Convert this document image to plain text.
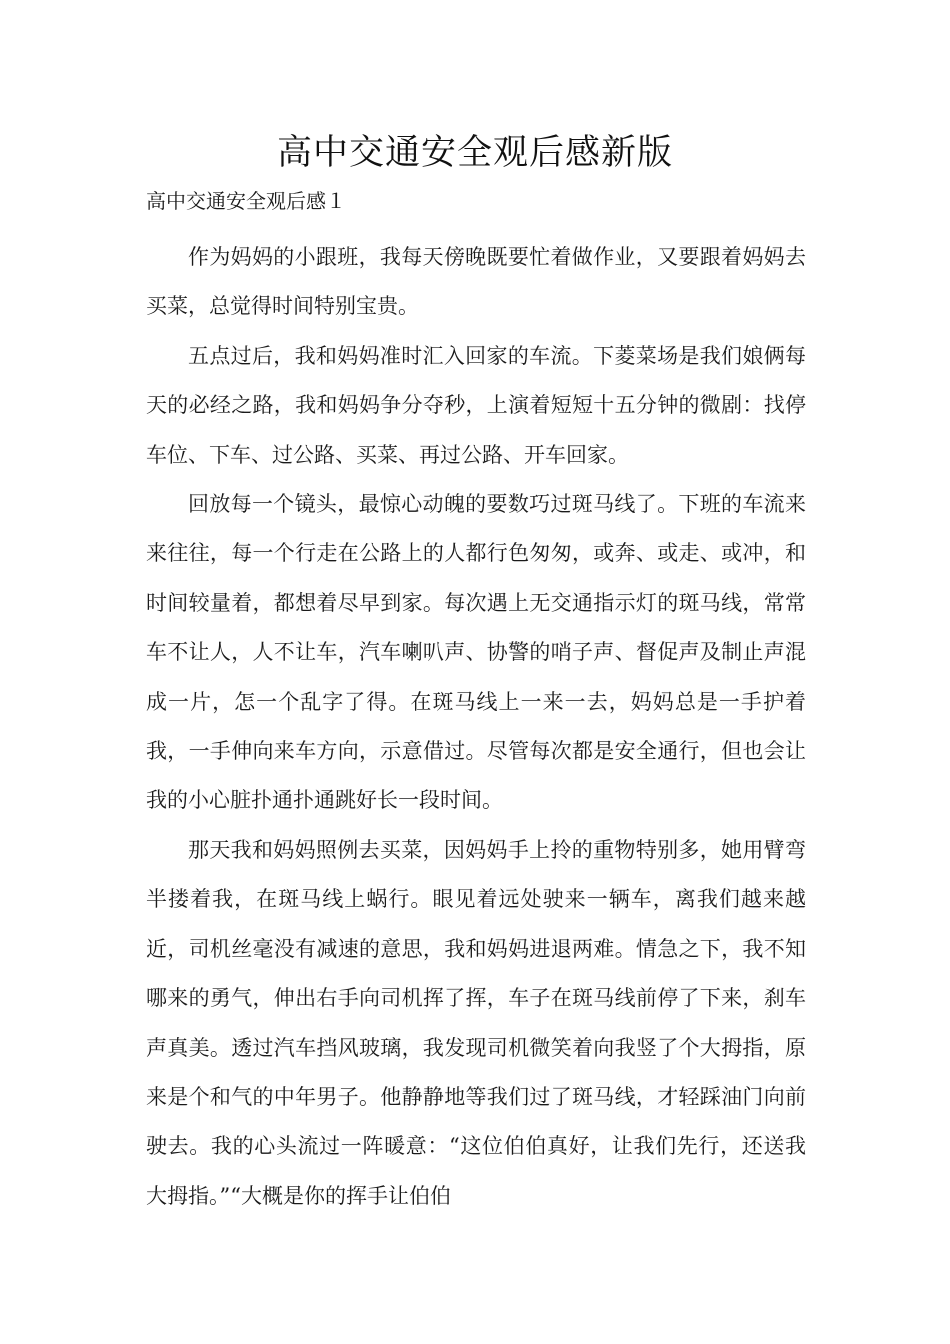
高中交通安全观后感新版
高中交通安全观后感１

作为妈妈的小跟班，我每天傍晚既要忙着做作业，又要跟着妈妈去买菜，总觉得时间特别宝贵。

五点过后，我和妈妈准时汇入回家的车流。下菱菜场是我们娘俩每天的必经之路，我和妈妈争分夺秒，上演着短短十五分钟的微剧：找停车位、下车、过公路、买菜、再过公路、开车回家。

回放每一个镜头，最惊心动魄的要数巧过斑马线了。下班的车流来来往往，每一个行走在公路上的人都行色匆匆，或奔、或走、或冲，和时间较量着，都想着尽早到家。每次遇上无交通指示灯的斑马线，常常车不让人，人不让车，汽车喇叭声、协警的哨子声、督促声及制止声混成一片，怎一个乱字了得。在斑马线上一来一去，妈妈总是一手护着我，一手伸向来车方向，示意借过。尽管每次都是安全通行，但也会让我的小心脏扑通扑通跳好长一段时间。

那天我和妈妈照例去买菜，因妈妈手上拎的重物特别多，她用臂弯半搂着我，在斑马线上蜗行。眼见着远处驶来一辆车，离我们越来越近，司机丝毫没有减速的意思，我和妈妈进退两难。情急之下，我不知哪来的勇气，伸出右手向司机挥了挥，车子在斑马线前停了下来，刹车声真美。透过汽车挡风玻璃，我发现司机微笑着向我竖了个大拇指，原来是个和气的中年男子。他静静地等我们过了斑马线，才轻踩油门向前驶去。我的心头流过一阵暖意：“这位伯伯真好，让我们先行，还送我大拇指。”“大概是你的挥手让伯伯
